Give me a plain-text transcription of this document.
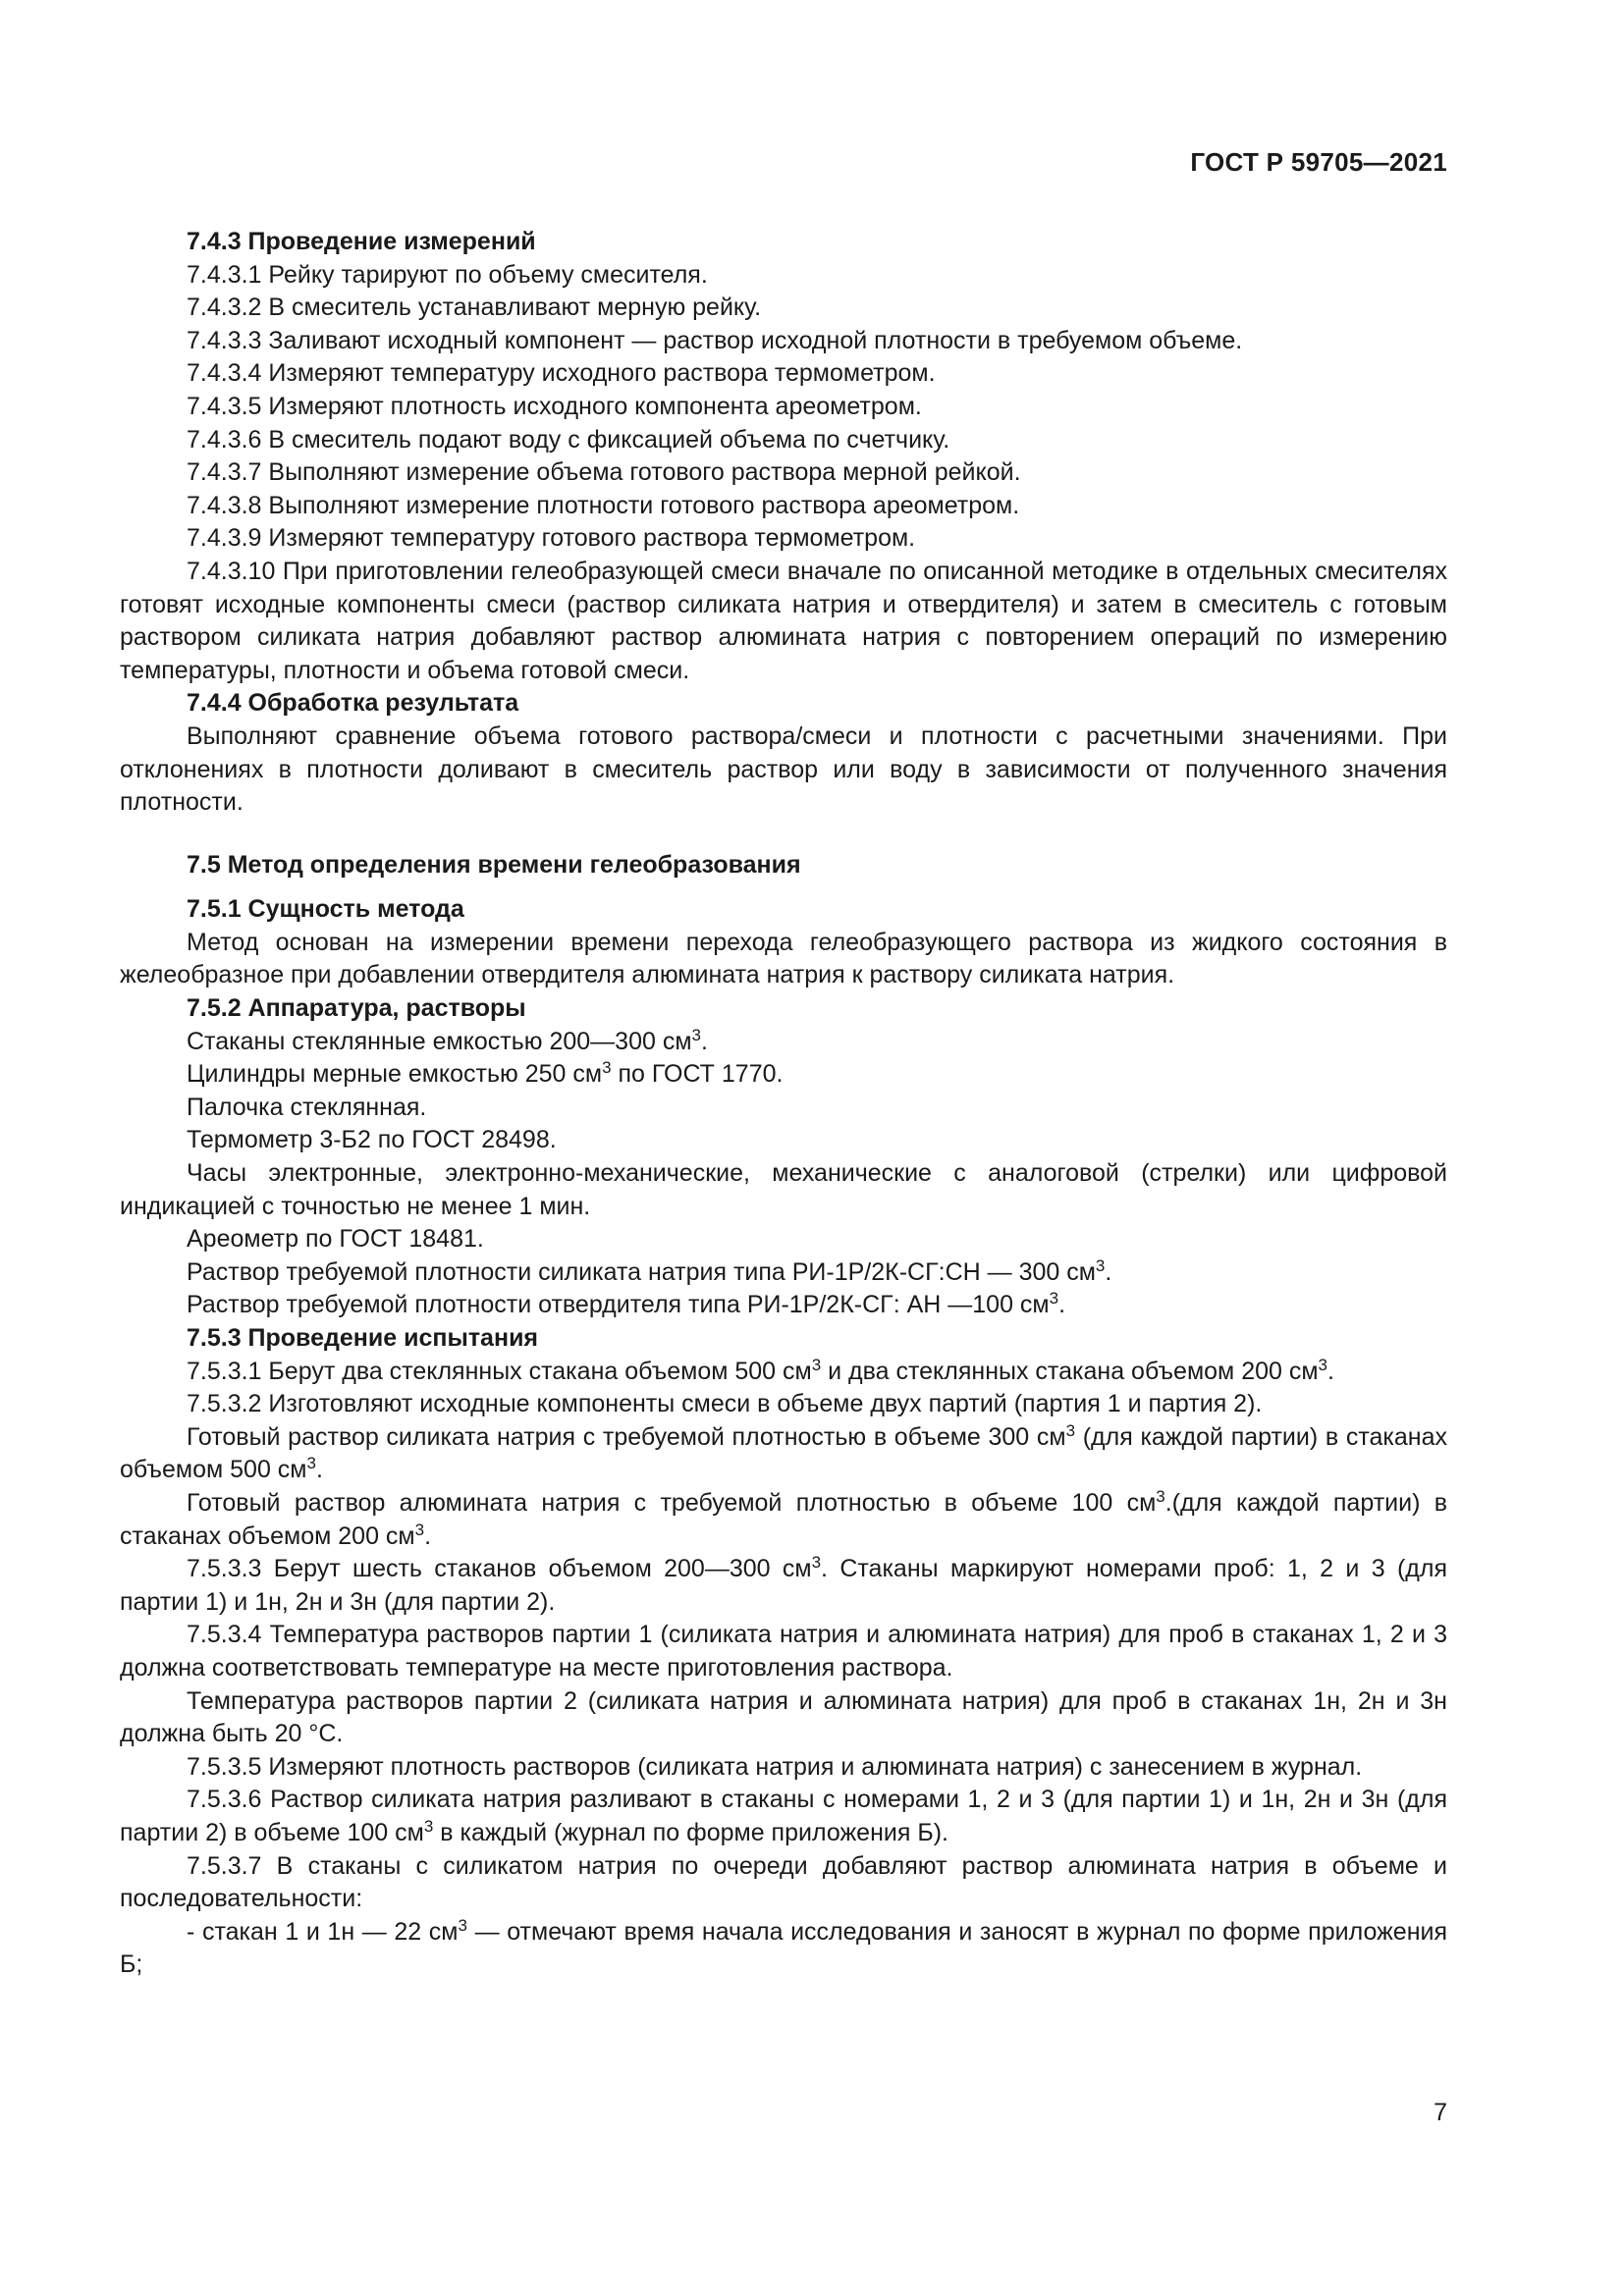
ГОСТ Р 59705—2021
7.4.3 Проведение измерений
7.4.3.1 Рейку тарируют по объему смесителя.
7.4.3.2 В смеситель устанавливают мерную рейку.
7.4.3.3 Заливают исходный компонент — раствор исходной плотности в требуемом объеме.
7.4.3.4 Измеряют температуру исходного раствора термометром.
7.4.3.5 Измеряют плотность исходного компонента ареометром.
7.4.3.6 В смеситель подают воду с фиксацией объема по счетчику.
7.4.3.7 Выполняют измерение объема готового раствора мерной рейкой.
7.4.3.8 Выполняют измерение плотности готового раствора ареометром.
7.4.3.9 Измеряют температуру готового раствора термометром.
7.4.3.10 При приготовлении гелеобразующей смеси вначале по описанной методике в отдельных смесителях готовят исходные компоненты смеси (раствор силиката натрия и отвердителя) и затем в смеситель с готовым раствором силиката натрия добавляют раствор алюмината натрия с повторением операций по измерению температуры, плотности и объема готовой смеси.
7.4.4 Обработка результата
Выполняют сравнение объема готового раствора/смеси и плотности с расчетными значениями. При отклонениях в плотности доливают в смеситель раствор или воду в зависимости от полученного значения плотности.
7.5 Метод определения времени гелеобразования
7.5.1 Сущность метода
Метод основан на измерении времени перехода гелеобразующего раствора из жидкого состояния в желеобразное при добавлении отвердителя алюмината натрия к раствору силиката натрия.
7.5.2 Аппаратура, растворы
Стаканы стеклянные емкостью 200—300 $см^3$.
Цилиндры мерные емкостью 250 $см^3$ по ГОСТ 1770.
Палочка стеклянная.
Термометр 3-Б2 по ГОСТ 28498.
Часы электронные, электронно-механические, механические с аналоговой (стрелки) или цифровой индикацией с точностью не менее 1 мин.
Ареометр по ГОСТ 18481.
Раствор требуемой плотности силиката натрия типа РИ-1Р/2К-СГ:СН — 300 $см^3$.
Раствор требуемой плотности отвердителя типа РИ-1Р/2К-СГ: АН —100 $см^3$.
7.5.3 Проведение испытания
7.5.3.1 Берут два стеклянных стакана объемом 500 $см^3$ и два стеклянных стакана объемом 200 $см^3$.
7.5.3.2 Изготовляют исходные компоненты смеси в объеме двух партий (партия 1 и партия 2).
Готовый раствор силиката натрия с требуемой плотностью в объеме 300 $см^3$ (для каждой партии) в стаканах объемом 500 $см^3$.
Готовый раствор алюмината натрия с требуемой плотностью в объеме 100 $см^3.(для$ каждой партии) в стаканах объемом 200 $см^3$.
7.5.3.3 Берут шесть стаканов объемом 200—300 $см^3$. Стаканы маркируют номерами проб: 1, 2 и 3 (для партии 1) и 1н, 2н и 3н (для партии 2).
7.5.3.4 Температура растворов партии 1 (силиката натрия и алюмината натрия) для проб в стаканах 1, 2 и 3 должна соответствовать температуре на месте приготовления раствора.
Температура растворов партии 2 (силиката натрия и алюмината натрия) для проб в стаканах 1н, 2н и 3н должна быть 20 °С.
7.5.3.5 Измеряют плотность растворов (силиката натрия и алюмината натрия) с занесением в журнал.
7.5.3.6 Раствор силиката натрия разливают в стаканы с номерами 1, 2 и 3 (для партии 1) и 1н, 2н и 3н (для партии 2) в объеме 100 $см^3$ в каждый (журнал по форме приложения Б).
7.5.3.7 В стаканы с силикатом натрия по очереди добавляют раствор алюмината натрия в объеме и последовательности:
- стакан 1 и 1н — 22 $см^3$ — отмечают время начала исследования и заносят в журнал по форме приложения Б;
7
